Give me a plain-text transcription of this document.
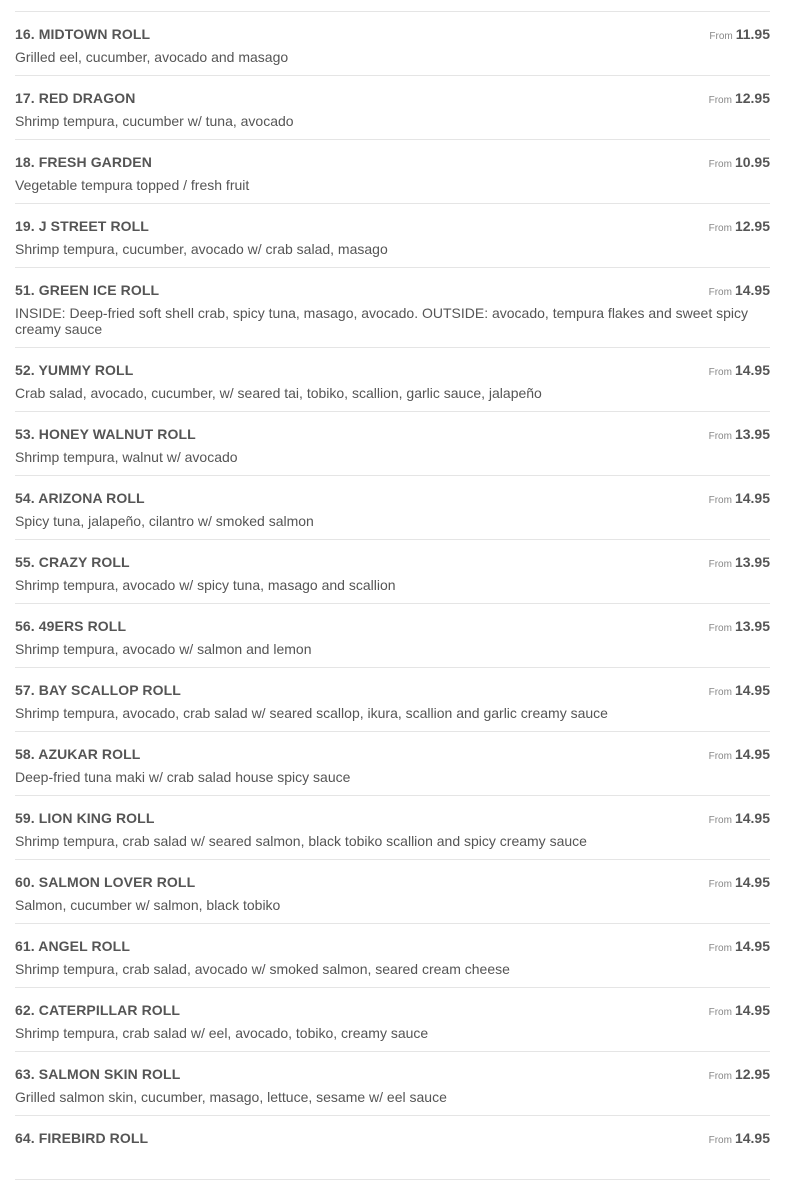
16. MIDTOWN ROLL	From 11.95
Grilled eel, cucumber, avocado and masago
17. RED DRAGON	From 12.95
Shrimp tempura, cucumber w/ tuna, avocado
18. FRESH GARDEN	From 10.95
Vegetable tempura topped / fresh fruit
19. J STREET ROLL	From 12.95
Shrimp tempura, cucumber, avocado w/ crab salad, masago
51. GREEN ICE ROLL	From 14.95
INSIDE: Deep-fried soft shell crab, spicy tuna, masago, avocado. OUTSIDE: avocado, tempura flakes and sweet spicy creamy sauce
52. YUMMY ROLL	From 14.95
Crab salad, avocado, cucumber, w/ seared tai, tobiko, scallion, garlic sauce, jalapeño
53. HONEY WALNUT ROLL	From 13.95
Shrimp tempura, walnut w/ avocado
54. ARIZONA ROLL	From 14.95
Spicy tuna, jalapeño, cilantro w/ smoked salmon
55. CRAZY ROLL	From 13.95
Shrimp tempura, avocado w/ spicy tuna, masago and scallion
56. 49ERS ROLL	From 13.95
Shrimp tempura, avocado w/ salmon and lemon
57. BAY SCALLOP ROLL	From 14.95
Shrimp tempura, avocado, crab salad w/ seared scallop, ikura, scallion and garlic creamy sauce
58. AZUKAR ROLL	From 14.95
Deep-fried tuna maki w/ crab salad house spicy sauce
59. LION KING ROLL	From 14.95
Shrimp tempura, crab salad w/ seared salmon, black tobiko scallion and spicy creamy sauce
60. SALMON LOVER ROLL	From 14.95
Salmon, cucumber w/ salmon, black tobiko
61. ANGEL ROLL	From 14.95
Shrimp tempura, crab salad, avocado w/ smoked salmon, seared cream cheese
62. CATERPILLAR ROLL	From 14.95
Shrimp tempura, crab salad w/ eel, avocado, tobiko, creamy sauce
63. SALMON SKIN ROLL	From 12.95
Grilled salmon skin, cucumber, masago, lettuce, sesame w/ eel sauce
64. FIREBIRD ROLL	From 14.95
